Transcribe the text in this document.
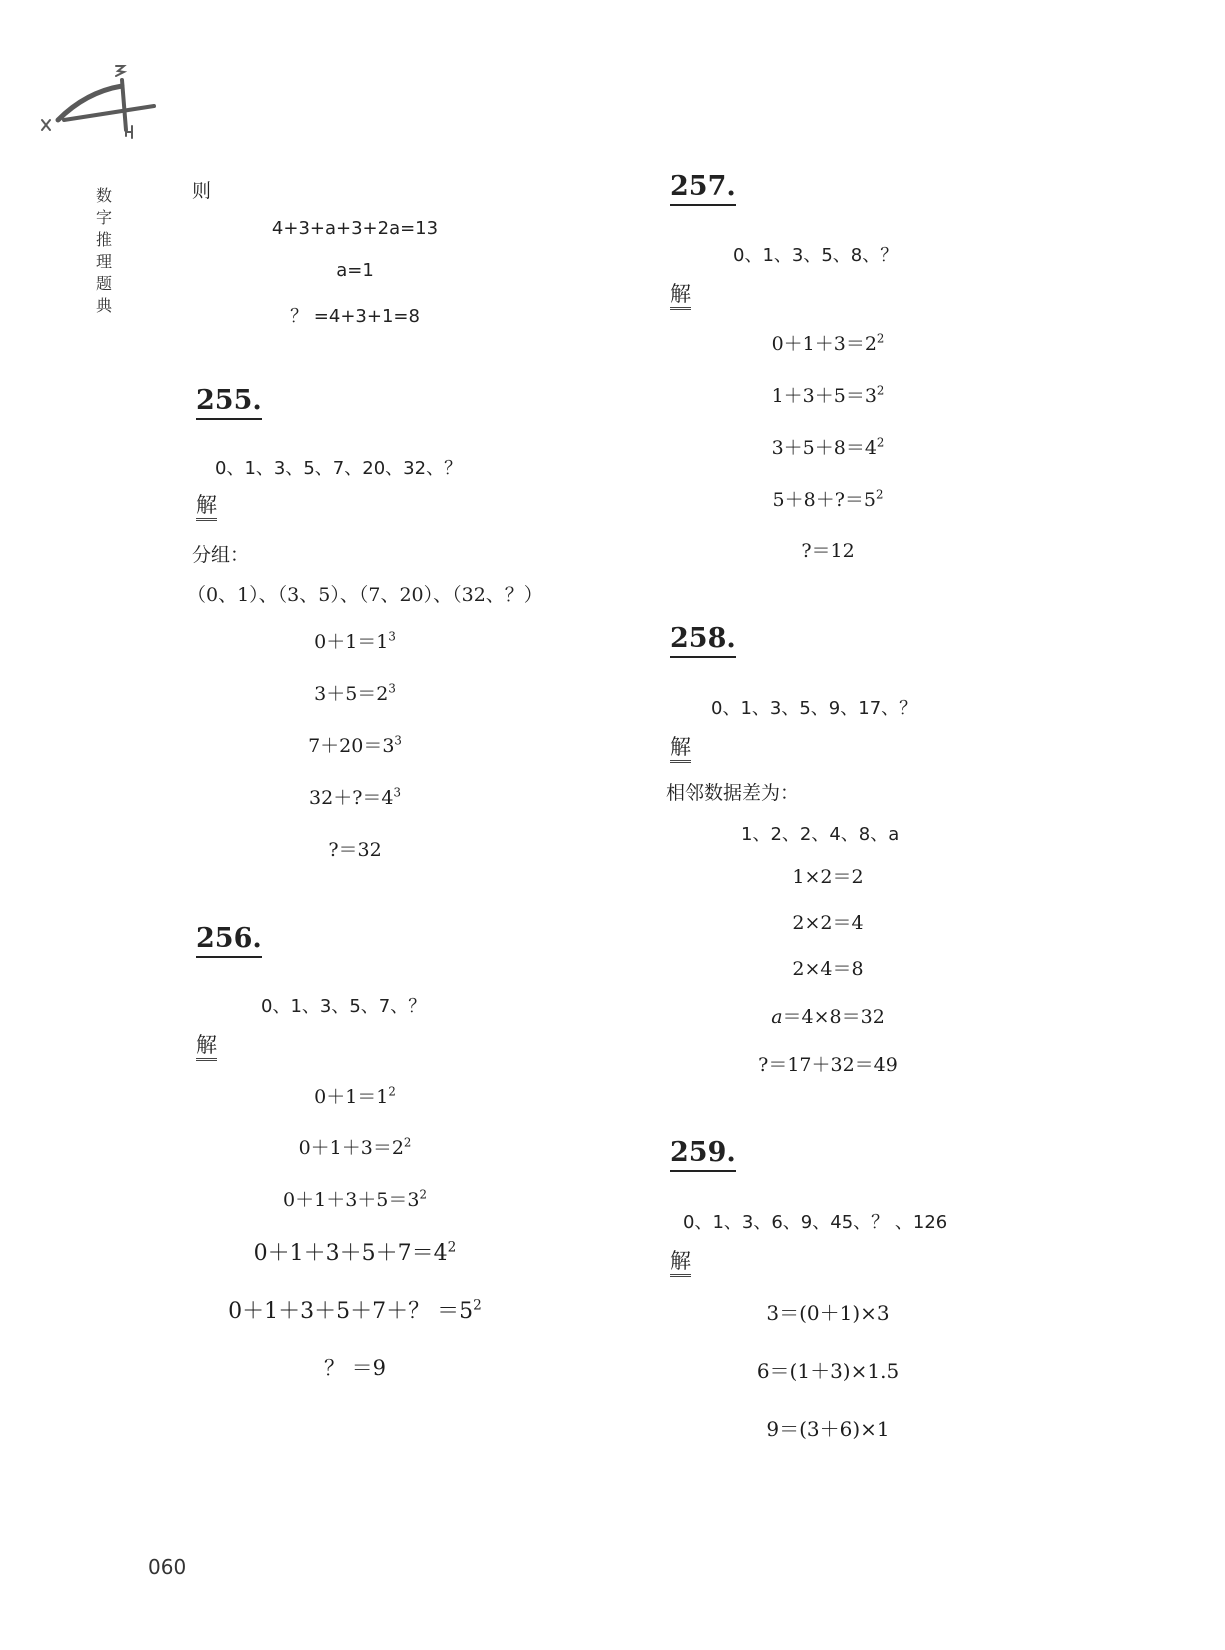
数
字
推
理
题
典
则
4+3+a+3+2a=13
a=1
？ =4+3+1=8
255.
0、1、3、5、7、20、32、？
解
分组：
（0、1）、（3、5）、（7、20）、（32、？）
$0+1=1^3$
$3+5=2^3$
$7+20=3^3$
$32+?=4^3$
?＝32
256.
0、1、3、5、7、？
解
$0+1=1^2$
$0+1+3=2^2$
$0+1+3+5=3^2$
$0+1+3+5+7=4^2$
0＋1＋3＋5＋7＋？ $=5^2$
？ ＝9
257.
0、1、3、5、8、？
解
$0+1+3=2^2$
$1+3+5=3^2$
$3+5+8=4^2$
$5+8+?=5^2$
?＝12
258.
0、1、3、5、9、17、？
解
相邻数据差为：
1、2、2、4、8、a
1×2＝2
2×2＝4
2×4＝8
a＝4×8＝32
?＝17＋32＝49
259.
0、1、3、6、9、45、？ 、126
解
3＝(0＋1)×3
6＝(1＋3)×1.5
9＝(3＋6)×1
060
